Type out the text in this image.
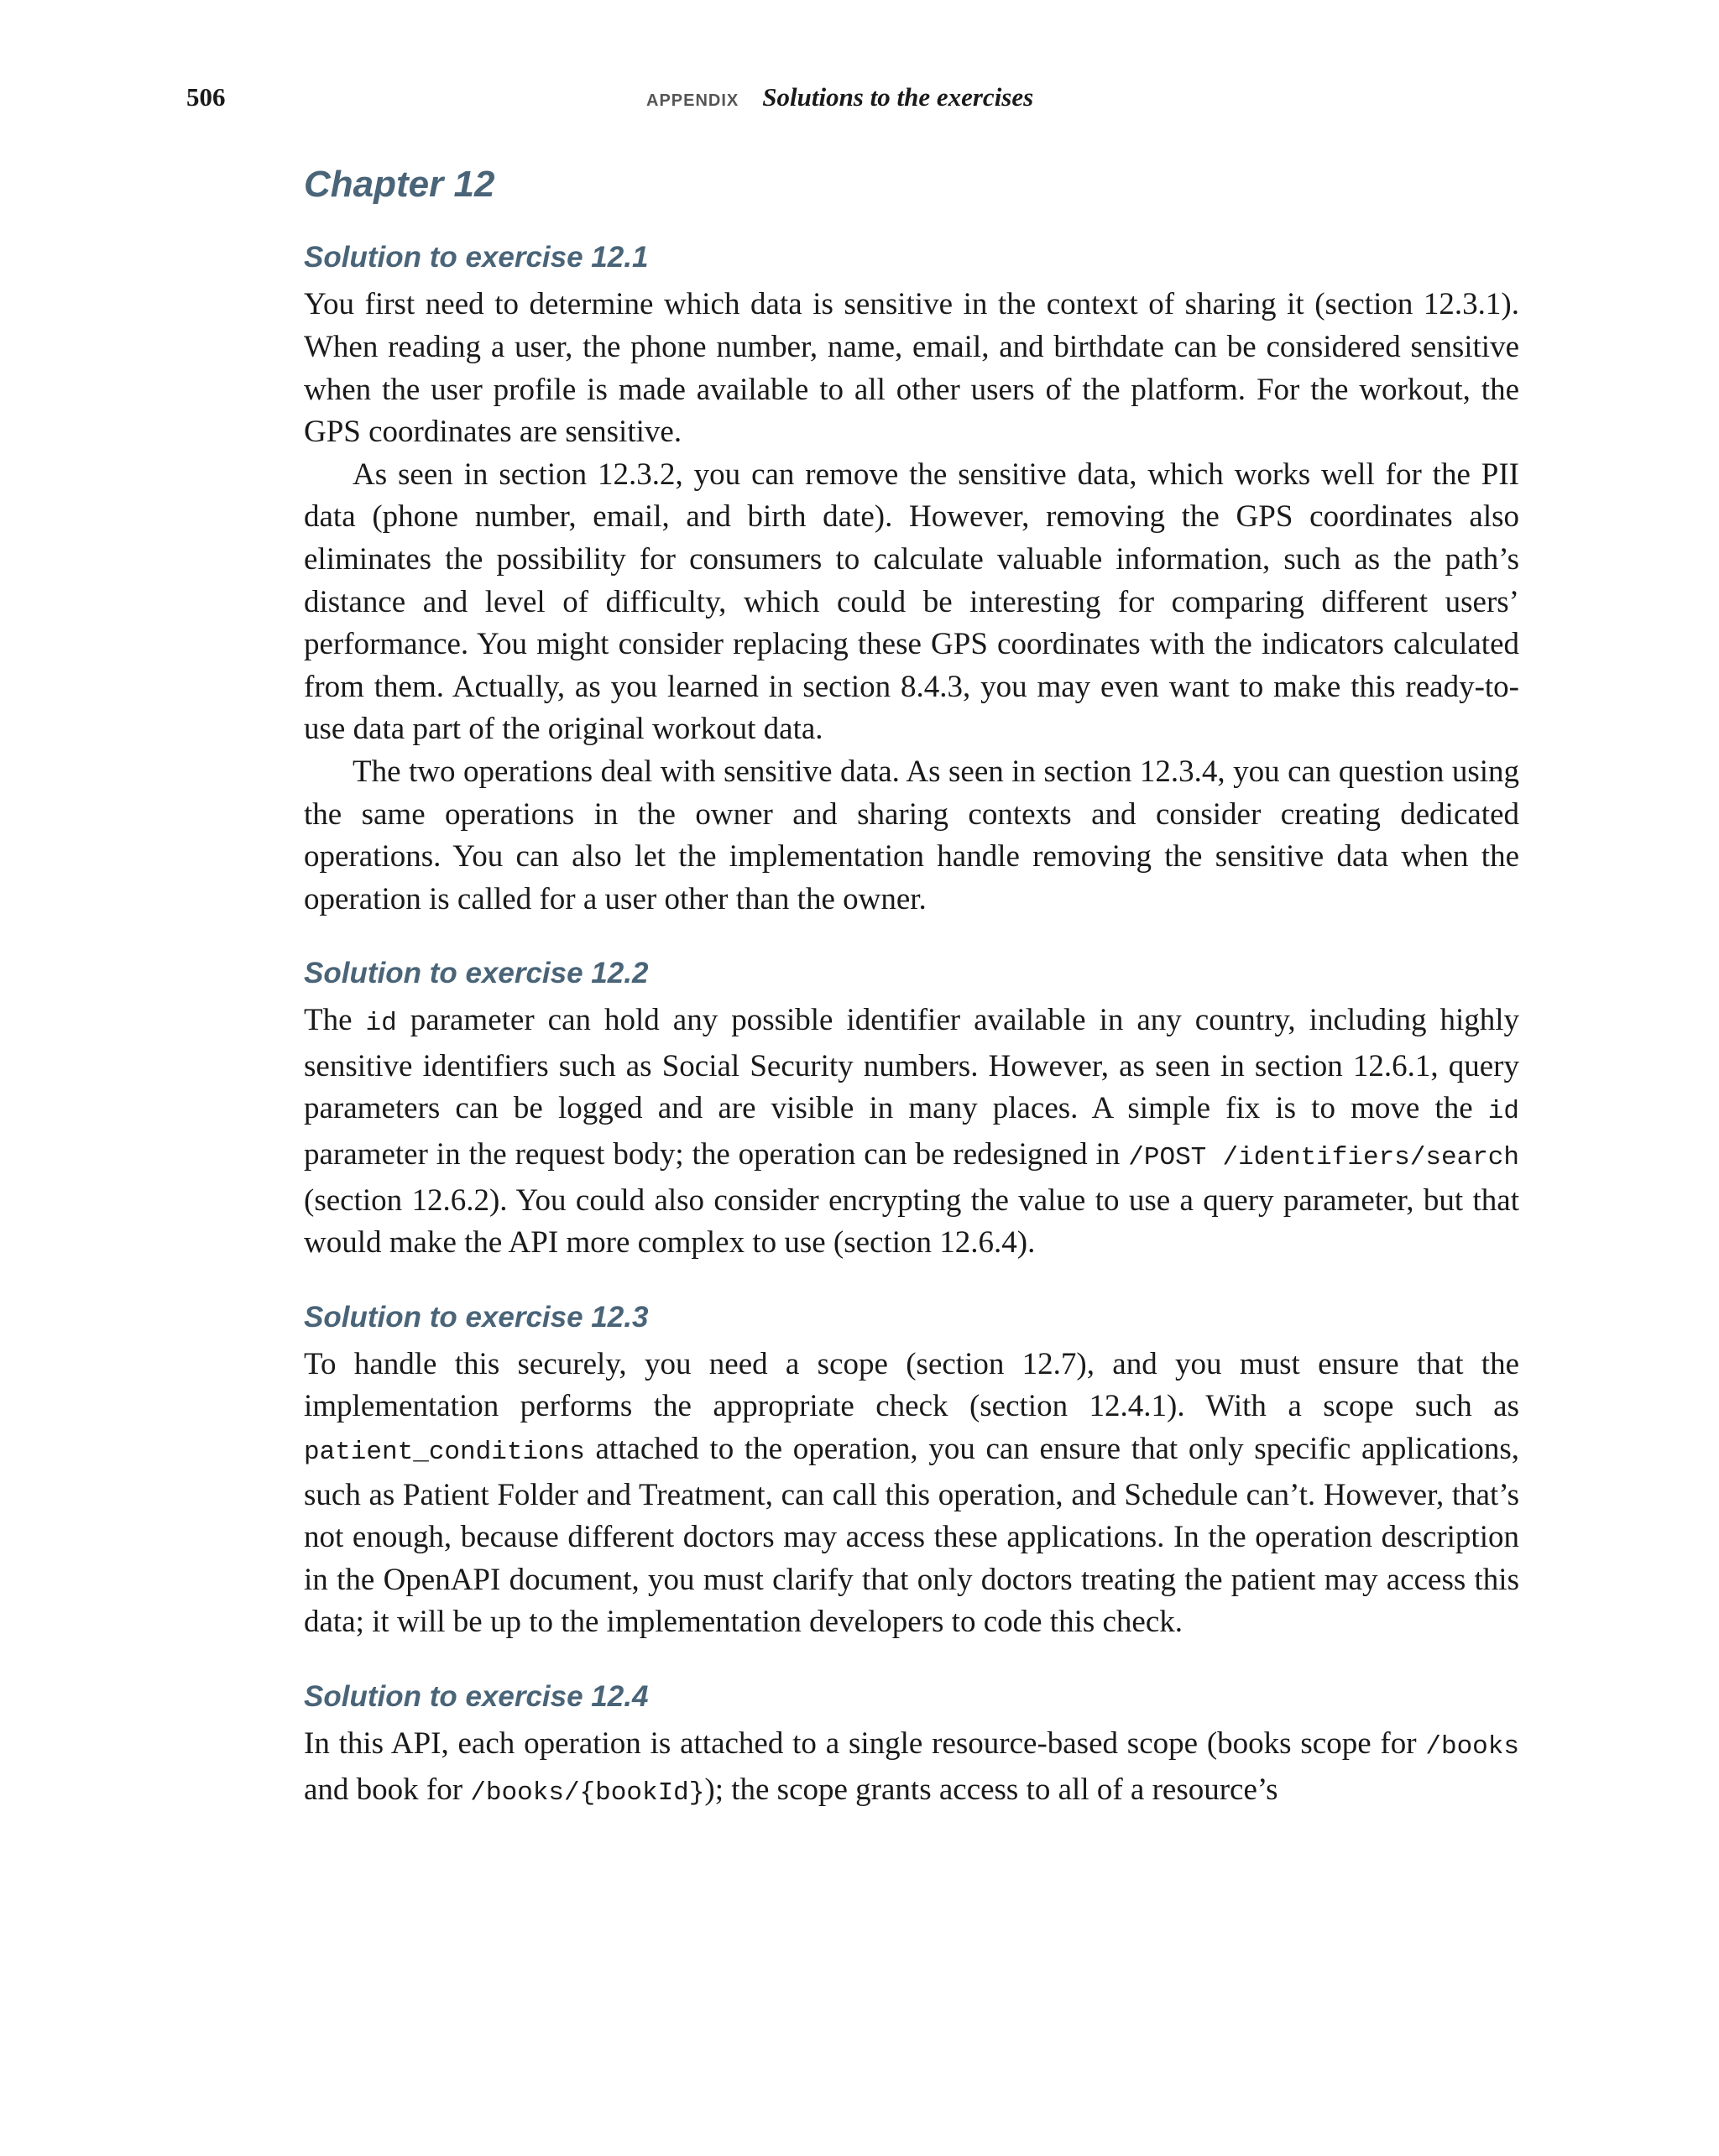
506	APPENDIX Solutions to the exercises
Chapter 12
Solution to exercise 12.1

You first need to determine which data is sensitive in the context of sharing it (section 12.3.1). When reading a user, the phone number, name, email, and birthdate can be considered sensitive when the user profile is made available to all other users of the platform. For the workout, the GPS coordinates are sensitive.

As seen in section 12.3.2, you can remove the sensitive data, which works well for the PII data (phone number, email, and birth date). However, removing the GPS coordinates also eliminates the possibility for consumers to calculate valuable information, such as the path’s distance and level of difficulty, which could be interesting for comparing different users’ performance. You might consider replacing these GPS coordinates with the indicators calculated from them. Actually, as you learned in section 8.4.3, you may even want to make this ready-to-use data part of the original workout data.

The two operations deal with sensitive data. As seen in section 12.3.4, you can question using the same operations in the owner and sharing contexts and consider creating dedicated operations. You can also let the implementation handle removing the sensitive data when the operation is called for a user other than the owner.

Solution to exercise 12.2

The id parameter can hold any possible identifier available in any country, including highly sensitive identifiers such as Social Security numbers. However, as seen in section 12.6.1, query parameters can be logged and are visible in many places. A simple fix is to move the id parameter in the request body; the operation can be redesigned in /POST /identifiers/search (section 12.6.2). You could also consider encrypting the value to use a query parameter, but that would make the API more complex to use (section 12.6.4).

Solution to exercise 12.3

To handle this securely, you need a scope (section 12.7), and you must ensure that the implementation performs the appropriate check (section 12.4.1). With a scope such as patient_conditions attached to the operation, you can ensure that only specific applications, such as Patient Folder and Treatment, can call this operation, and Schedule can’t. However, that’s not enough, because different doctors may access these applications. In the operation description in the OpenAPI document, you must clarify that only doctors treating the patient may access this data; it will be up to the implementation developers to code this check.

Solution to exercise 12.4

In this API, each operation is attached to a single resource-based scope (books scope for /books and book for /books/{bookId}); the scope grants access to all of a resource’s
